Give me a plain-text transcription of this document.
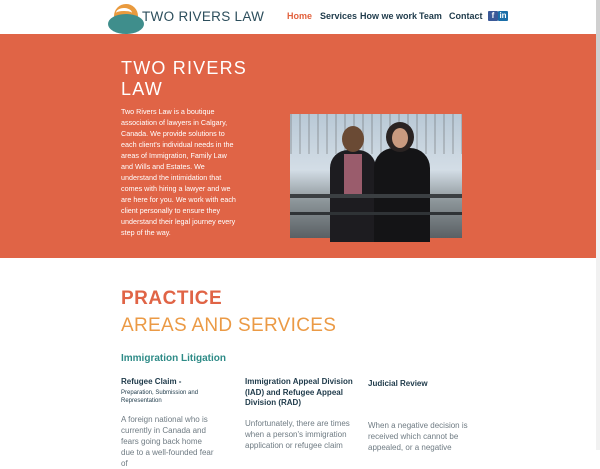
TWO RIVERS LAW	Home Services How we work Team Contact	f in
TWO RIVERS
LAW
Two Rivers Law is a boutique association of lawyers in Calgary, Canada. We provide solutions to each client's individual needs in the areas of Immigration, Family Law and Wills and Estates. We understand the intimidation that comes with hiring a lawyer and we are here for you. We work with each client personally to ensure they understand their legal journey every step of the way.
PRACTICE
AREAS AND SERVICES
Immigration Litigation
Refugee Claim -
Preparation, Submission and Representation
A foreign national who is currently in Canada and fears going back home due to a well-founded fear of
Immigration Appeal Division (IAD) and Refugee Appeal Division (RAD)
Unfortunately, there are times when a person's immigration application or refugee claim
Judicial Review
When a negative decision is received which cannot be appealed, or a negative
